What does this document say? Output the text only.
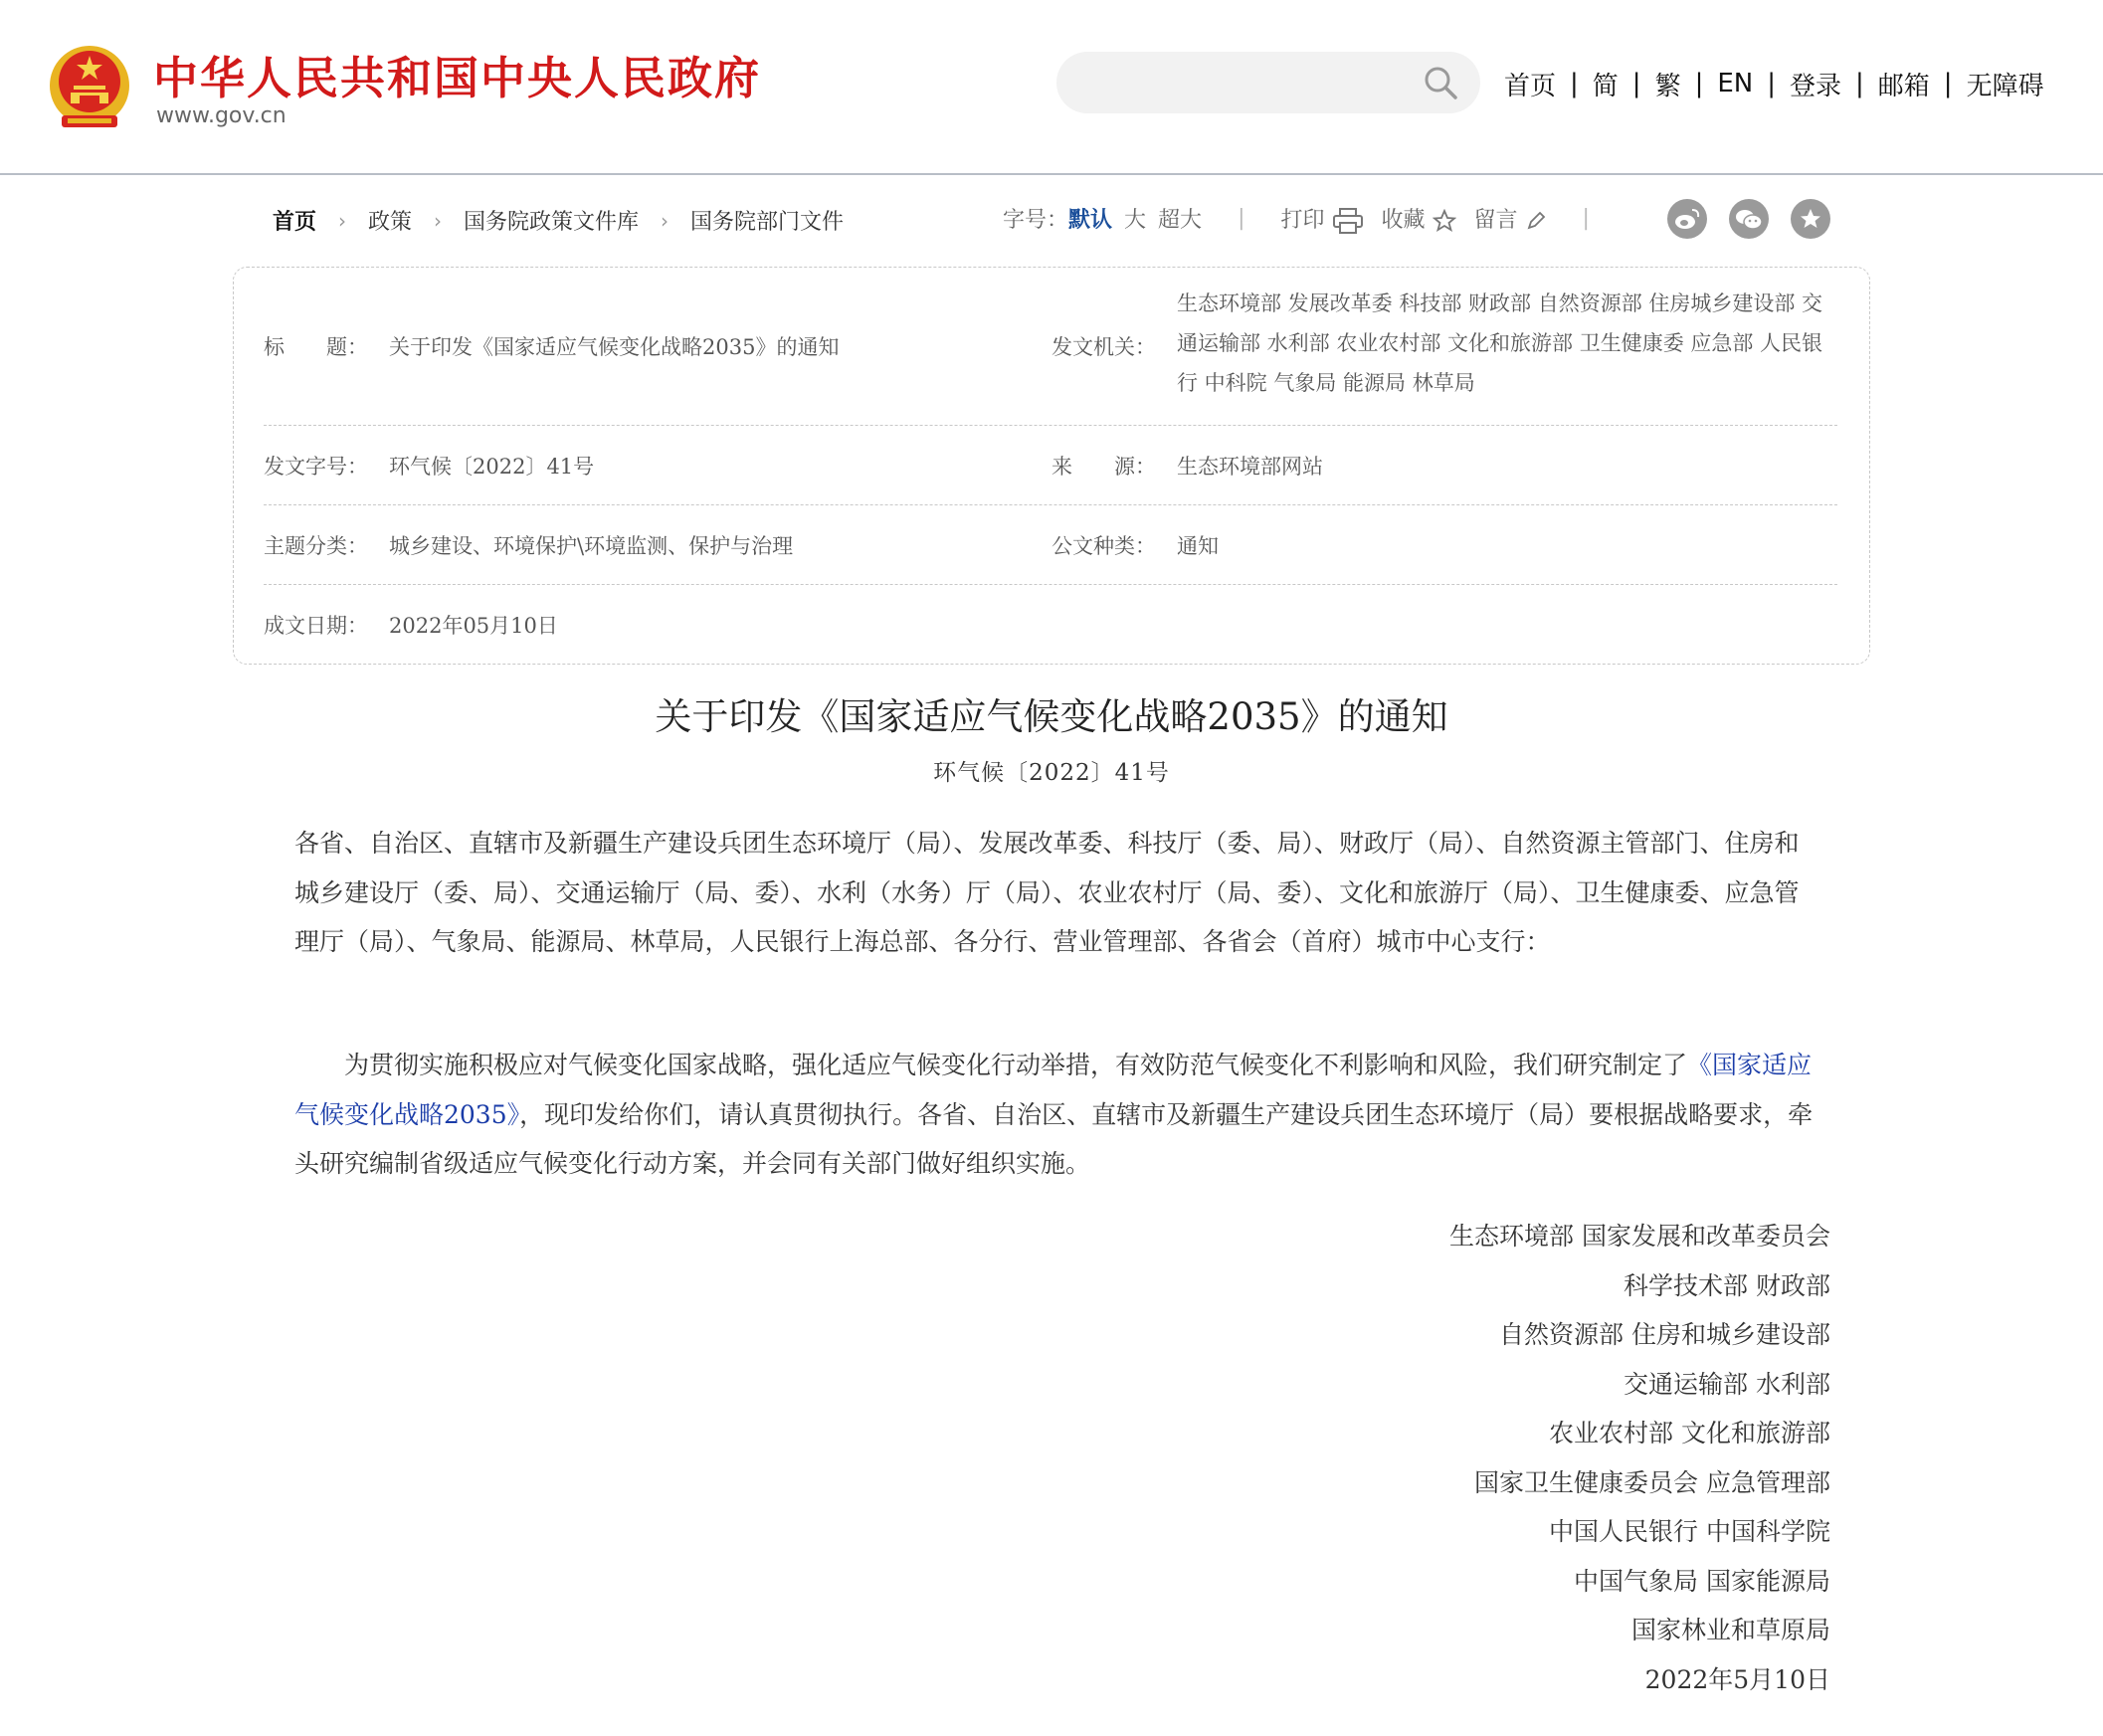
中华人民共和国中央人民政府
www.gov.cn
首页 | 简 | 繁 | EN | 登录 | 邮箱 | 无障碍
首页 › 政策 › 国务院政策文件库 › 国务院部门文件	字号： 默认 大 超大 | 打印	收藏	留言	|
标　　题： 关于印发《国家适应气候变化战略2035》的通知	发文机关：
生态环境部 发展改革委 科技部 财政部 自然资源部 住房城乡建设部 交通运输部 水利部 农业农村部 文化和旅游部 卫生健康委 应急部 人民银行 中科院 气象局 能源局 林草局
发文字号： 环气候〔2022〕41号	来　　源： 生态环境部网站
主题分类： 城乡建设、环境保护\环境监测、保护与治理	公文种类： 通知
成文日期： 2022年05月10日
关于印发《国家适应气候变化战略2035》的通知
环气候〔2022〕41号

各省、自治区、直辖市及新疆生产建设兵团生态环境厅（局）、发展改革委、科技厅（委、局）、财政厅（局）、自然资源主管部门、住房和城乡建设厅（委、局）、交通运输厅（局、委）、水利（水务）厅（局）、农业农村厅（局、委）、文化和旅游厅（局）、卫生健康委、应急管理厅（局）、气象局、能源局、林草局，人民银行上海总部、各分行、营业管理部、各省会（首府）城市中心支行：

为贯彻实施积极应对气候变化国家战略，强化适应气候变化行动举措，有效防范气候变化不利影响和风险，我们研究制定了《国家适应气候变化战略2035》，现印发给你们，请认真贯彻执行。各省、自治区、直辖市及新疆生产建设兵团生态环境厅（局）要根据战略要求，牵头研究编制省级适应气候变化行动方案，并会同有关部门做好组织实施。

生态环境部 国家发展和改革委员会
科学技术部 财政部
自然资源部 住房和城乡建设部
交通运输部 水利部
农业农村部 文化和旅游部
国家卫生健康委员会 应急管理部
中国人民银行 中国科学院
中国气象局 国家能源局
国家林业和草原局
2022年5月10日
